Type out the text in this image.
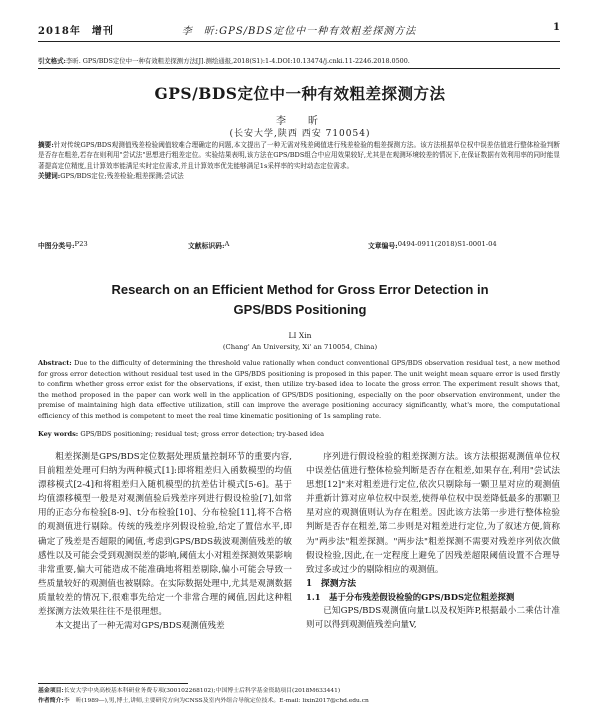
2018年　增刊	李　昕:GPS/BDS定位中一种有效粗差探测方法	1
引文格式:李昕. GPS/BDS定位中一种有效粗差探测方法[J].测绘通报,2018(S1):1-4.DOI:10.13474/j.cnki.11-2246.2018.0500.
GPS/BDS定位中一种有效粗差探测方法
李　昕
(长安大学,陕西 西安 710054)
摘要:针对传统GPS/BDS观测值残差检验阈值较难合理确定的问题,本文提出了一种无需对残差阈值进行残差检验的粗差探测方法。该方法根据单位权中误差估值进行整体检验判断是否存在粗差,若存在则利用"尝试法"思想进行粗差定位。实验结果表明,该方法在GPS/BDS组合中应用效果较好,尤其是在观测环境较差的情况下,在保证数据有效利用率的同时能显著提高定位精度,且计算效率能满足实时定位需求,并且计算效率优先能够满足1s采样率的实时动态定位需求。
关键词:GPS/BDS定位;残差检验;粗差探测;尝试法
中图分类号: P23	文献标识码: A	文章编号: 0494-0911(2018)S1-0001-04
Research on an Efficient Method for Gross Error Detection in
GPS/BDS Positioning
LI Xin
(Chang' An University, Xi' an 710054, China)
Abstract: Due to the difficulty of determining the threshold value rationally when conduct conventional GPS/BDS observation residual test, a new method for gross error detection without residual test used in the GPS/BDS positioning is proposed in this paper. The unit weight mean square error is used firstly to confirm whether gross error exist for the observations, if exist, then utilize try-based idea to locate the gross error. The experiment result shows that, the method proposed in the paper can work well in the application of GPS/BDS positioning, especially on the poor observation environment, under the premise of maintaining high data effective utilization, still can improve the average positioning accuracy significantly, what's more, the computational efficiency of this method is competent to meet the real time kinematic positioning of 1s sampling rate.
Key words: GPS/BDS positioning; residual test; gross error detection; try-based idea

粗差探测是GPS/BDS定位数据处理质量控制环节的重要内容,目前粗差处理可归纳为两种模式[1]:即将粗差归入函数模型的均值漂移模式[2-4]和将粗差归入随机模型的抗差估计模式[5-6]。基于均值漂移模型一般是对观测值验后残差序列进行假设检验[7],如常用的正态分布检验[8-9]、t分布检验[10]、分布检验[11],将不合格的观测值进行剔除。传统的残差序列假设检验,给定了置信水平,即确定了残差是否超限的阈值,考虑到GPS/BDS载波观测值残差的敏感性以及可能会受到观测误差的影响,阈值太小对粗差探测效果影响非常重要,偏大可能造成不能准确地将粗差剔除,偏小可能会导致一些质量较好的观测值也被剔除。在实际数据处理中,尤其是观测数据质量较差的情况下,很难事先给定一个非常合理的阈值,因此这种粗差探测方法效果往往不是很理想。

本文提出了一种无需对GPS/BDS观测值残差

序列进行假设检验的粗差探测方法。该方法根据观测值单位权中误差估值进行整体检验判断是否存在粗差,如果存在,利用"尝试法思想[12]"来对粗差进行定位,依次只剔除每一颗卫星对应的观测值并重新计算对应单位权中误差,使得单位权中误差降低最多的那颗卫星对应的观测值则认为存在粗差。因此该方法第一步进行整体检验判断是否存在粗差,第二步则是对粗差进行定位,为了叙述方便,简称为"两步法"粗差探测。"两步法"粗差探测不需要对残差序列依次做假设检验,因此,在一定程度上避免了因残差超限阈值设置不合理导致过多或过少的剔除相应的观测值。

1　探测方法

1.1　基于分布残差假设检验的GPS/BDS定位粗差探测

已知GPS/BDS观测值向量L以及权矩阵P,根据最小二乘估计准则可以得到观测值残差向量V,

基金项目:长安大学中央高校基本科研业务费专项(300102268102);中国博士后科学基金资助项目(2018M633441)
作者简介:李　昕(1989—),男,博士,讲师,主要研究方向为CNSS及室内外组合导航定位技术。E-mail: lixin2017@chd.edu.cn
